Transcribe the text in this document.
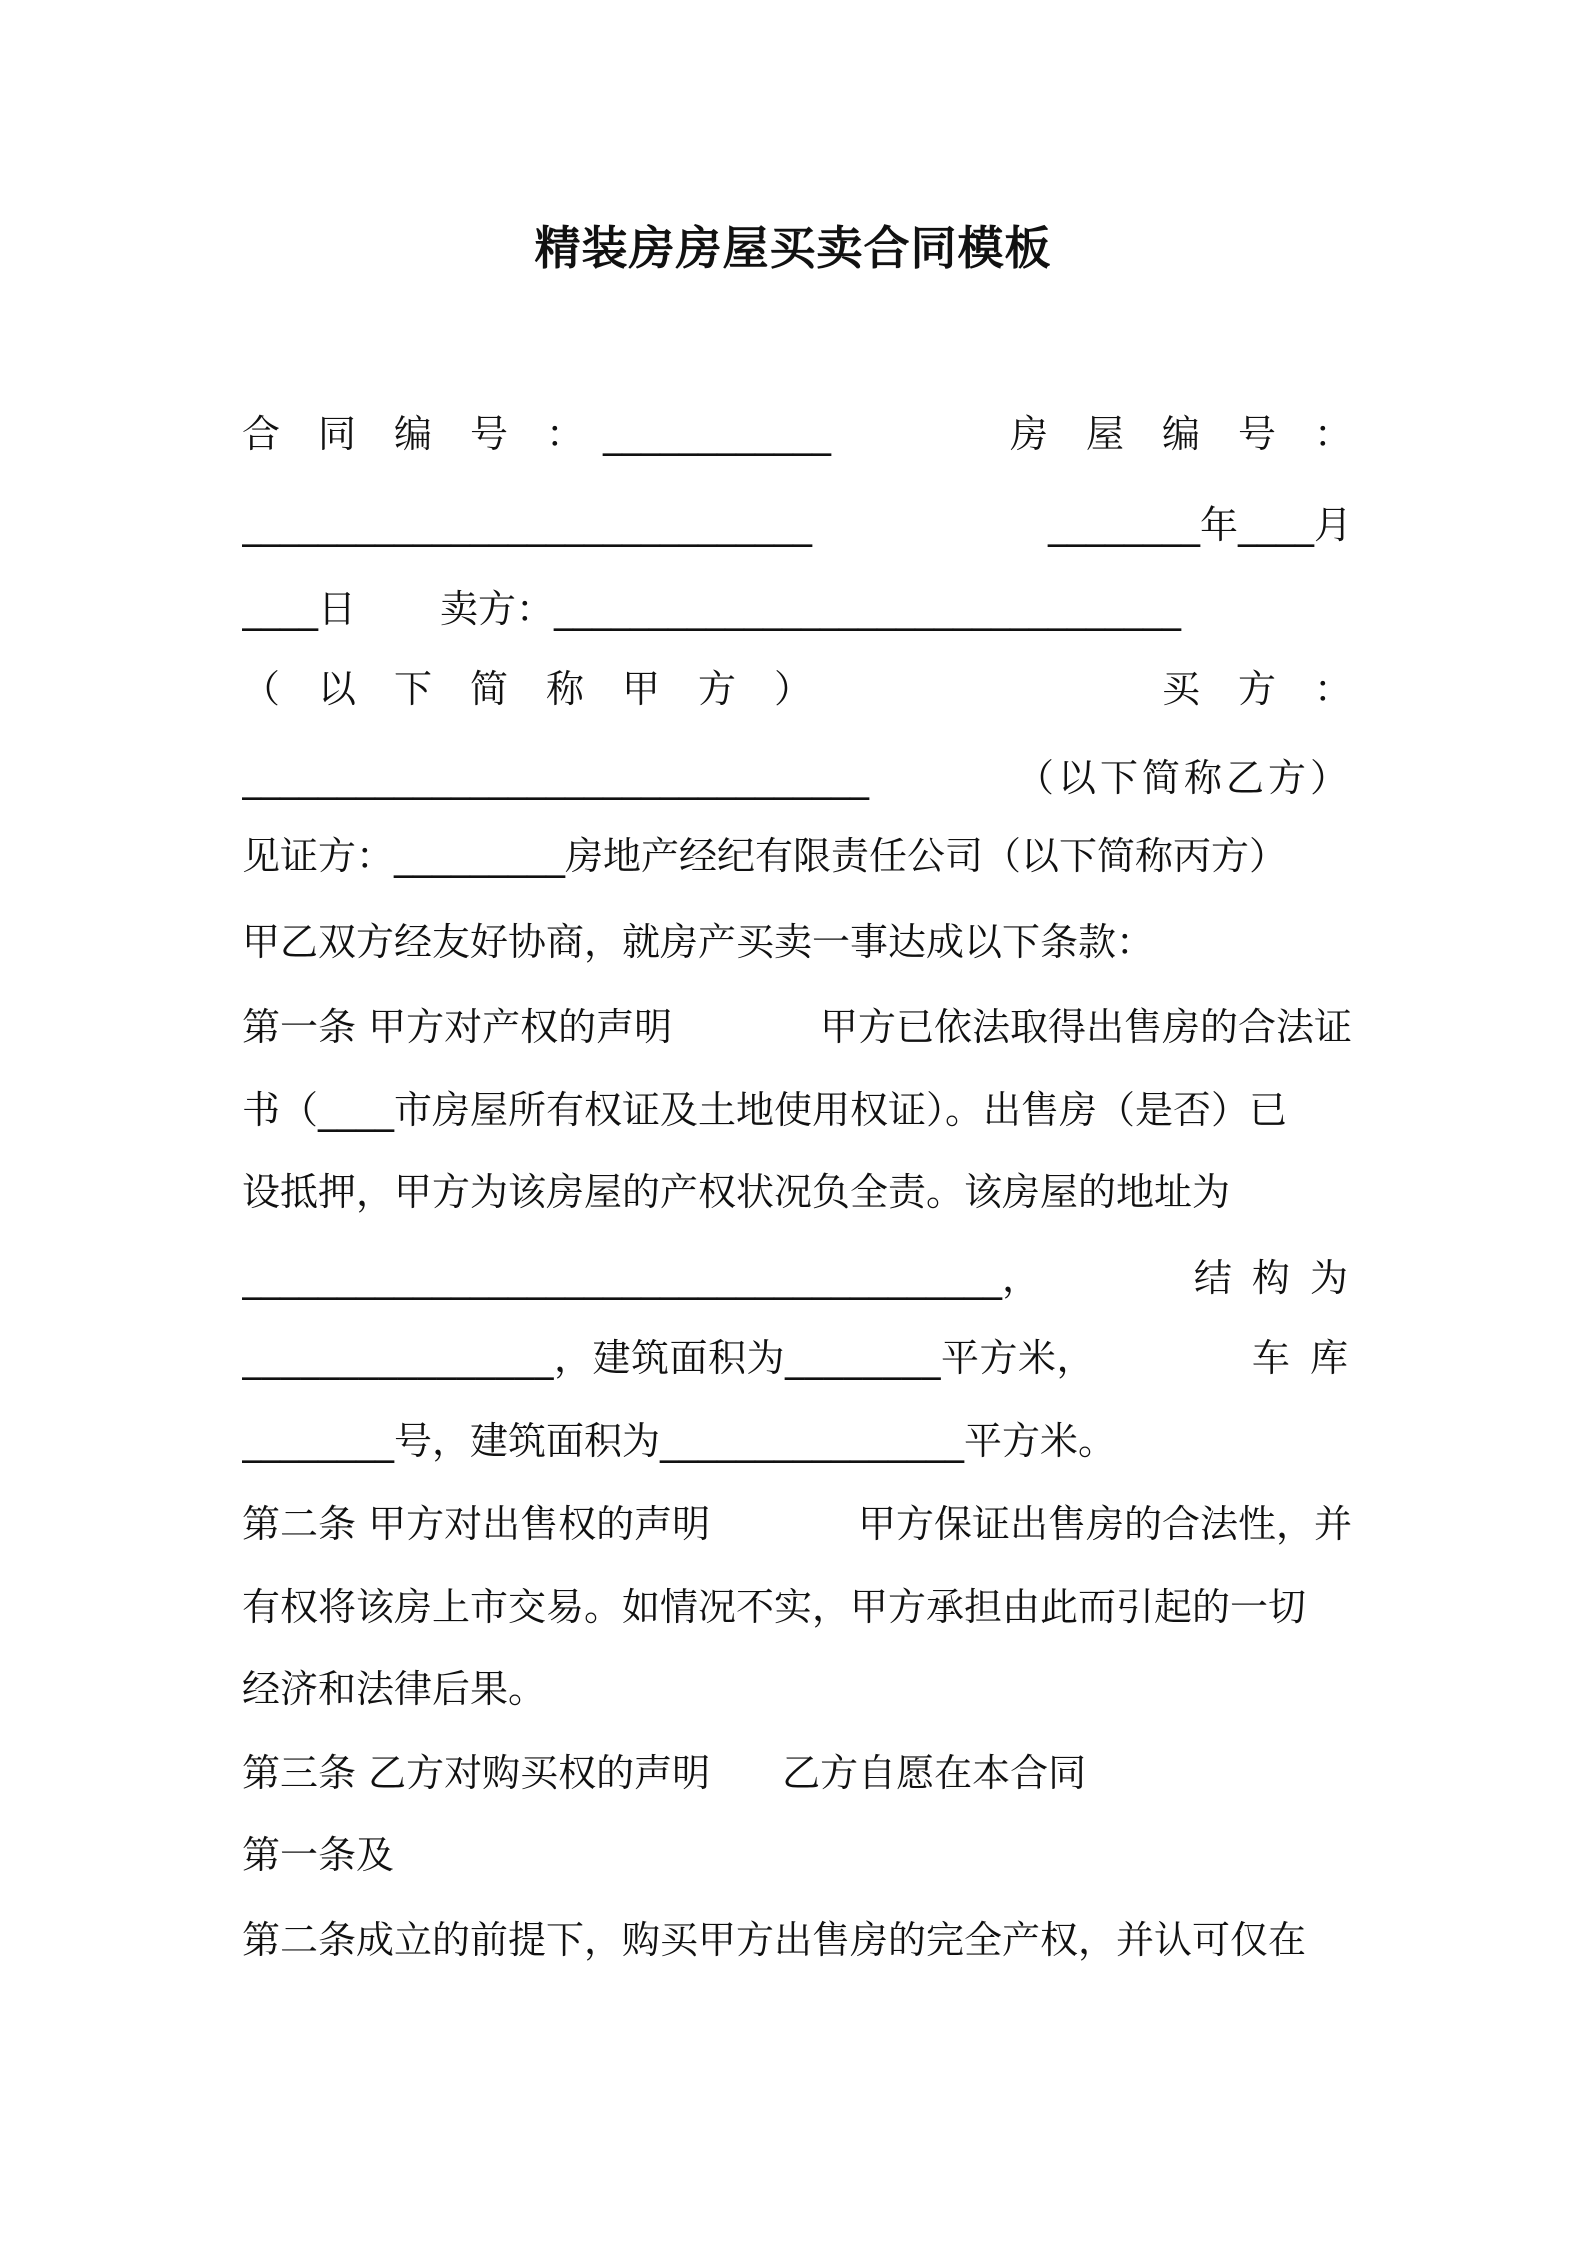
精装房房屋买卖合同模板
合　同　编　号　：　____________	房　屋　编　号　：
______________________________	________年____月
____日 卖方：_________________________________
（　以　下　简　称　甲　方　）	买　方　：
_________________________________	（以下简称乙方）
见证方：_________房地产经纪有限责任公司（以下简称丙方）
甲乙双方经友好协商，就房产买卖一事达成以下条款：
第一条 甲方对产权的声明	甲方已依法取得出售房的合法证
书（____市房屋所有权证及土地使用权证）。出售房（是否）已
设抵押，甲方为该房屋的产权状况负全责。该房屋的地址为
________________________________________，	结 构 为
________________，建筑面积为________平方米，	车 库
________号，建筑面积为________________平方米。
第二条 甲方对出售权的声明	甲方保证出售房的合法性，并
有权将该房上市交易。如情况不实，甲方承担由此而引起的一切
经济和法律后果。
第三条 乙方对购买权的声明 乙方自愿在本合同
第一条及
第二条成立的前提下，购买甲方出售房的完全产权，并认可仅在
